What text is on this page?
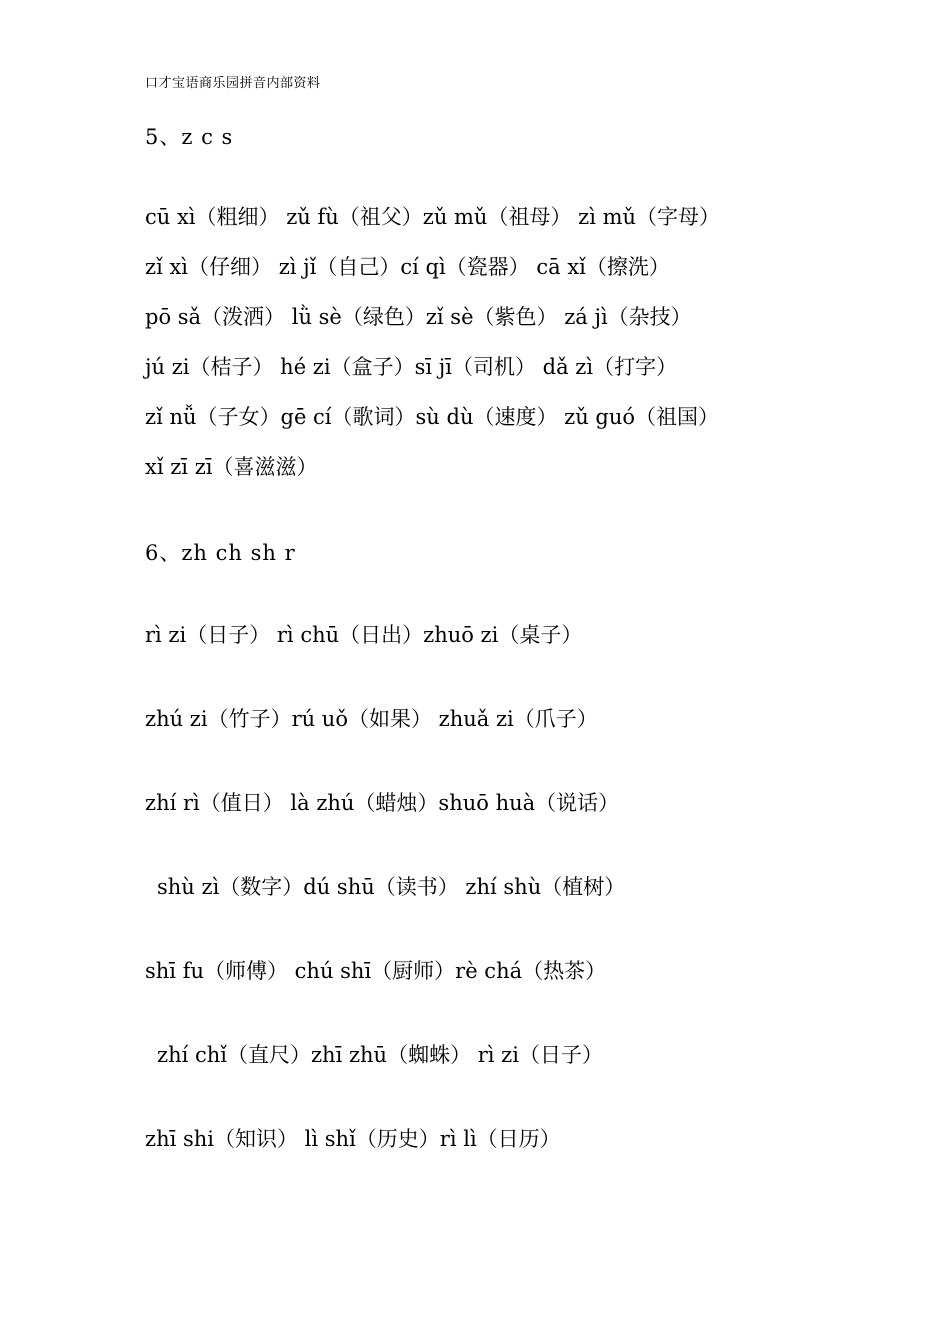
口才宝语商乐园拼音内部资料
5、z c s
cū xì（粗细） zǔ fù（祖父）zǔ mǔ（祖母） zì mǔ（字母）
zǐ xì（仔细） zì jǐ（自己）cí qì（瓷器） cā xǐ（擦洗）
pō sǎ（泼洒） lǜ sè（绿色）zǐ sè（紫色） zá jì（杂技）
jú zi（桔子） hé zi（盒子）sī jī（司机） dǎ zì（打字）
zǐ nǚ（子女）gē cí（歌词）sù dù（速度） zǔ guó（祖国）
xǐ zī zī（喜滋滋）
6、zh ch sh r
rì zi（日子） rì chū（日出）zhuō zi（桌子）
zhú zi（竹子）rú uǒ（如果） zhuǎ zi（爪子）
zhí rì（值日） là zhú（蜡烛）shuō huà（说话）
shù zì（数字）dú shū（读书） zhí shù（植树）
shī fu（师傅） chú shī（厨师）rè chá（热茶）
zhí chǐ（直尺）zhī zhū（蜘蛛） rì zi（日子）
zhī shi（知识） lì shǐ（历史）rì lì（日历）
